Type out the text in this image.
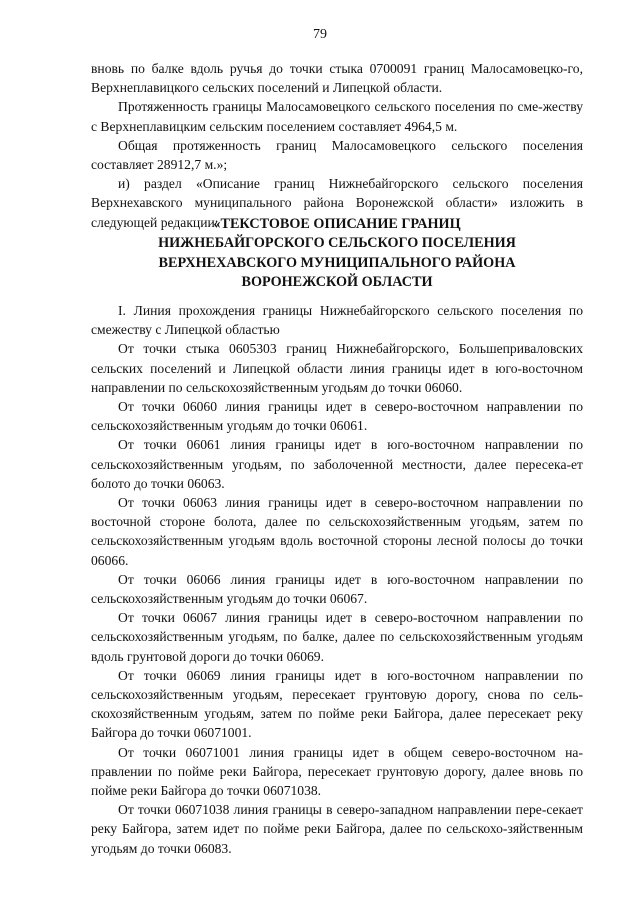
79

вновь по балке вдоль ручья до точки стыка 0700091 границ Малосамовецко-го, Верхнеплавицкого сельских поселений и Липецкой области.

Протяженность границы Малосамовецкого сельского поселения по сме-жеству с Верхнеплавицким сельским поселением составляет 4964,5 м.

Общая протяженность границ Малосамовецкого сельского поселения составляет 28912,7 м.»;

и) раздел «Описание границ Нижнебайгорского сельского поселения Верхнехавского муниципального района Воронежской области» изложить в следующей редакции:

«ТЕКСТОВОЕ ОПИСАНИЕ ГРАНИЦ
НИЖНЕБАЙГОРСКОГО СЕЛЬСКОГО ПОСЕЛЕНИЯ
ВЕРХНЕХАВСКОГО МУНИЦИПАЛЬНОГО РАЙОНА
ВОРОНЕЖСКОЙ ОБЛАСТИ

I. Линия прохождения границы Нижнебайгорского сельского поселения по смежеству с Липецкой областью

От точки стыка 0605303 границ Нижнебайгорского, Большеприваловских сельских поселений и Липецкой области линия границы идет в юго-восточном направлении по сельскохозяйственным угодьям до точки 06060.

От точки 06060 линия границы идет в северо-восточном направлении по сельскохозяйственным угодьям до точки 06061.

От точки 06061 линия границы идет в юго-восточном направлении по сельскохозяйственным угодьям, по заболоченной местности, далее пересека-ет болото до точки 06063.

От точки 06063 линия границы идет в северо-восточном направлении по восточной стороне болота, далее по сельскохозяйственным угодьям, затем по сельскохозяйственным угодьям вдоль восточной стороны лесной полосы до точки 06066.

От точки 06066 линия границы идет в юго-восточном направлении по сельскохозяйственным угодьям до точки 06067.

От точки 06067 линия границы идет в северо-восточном направлении по сельскохозяйственным угодьям, по балке, далее по сельскохозяйственным угодьям вдоль грунтовой дороги до точки 06069.

От точки 06069 линия границы идет в юго-восточном направлении по сельскохозяйственным угодьям, пересекает грунтовую дорогу, снова по сель-скохозяйственным угодьям, затем по пойме реки Байгора, далее пересекает реку Байгора до точки 06071001.

От точки 06071001 линия границы идет в общем северо-восточном на-правлении по пойме реки Байгора, пересекает грунтовую дорогу, далее вновь по пойме реки Байгора до точки 06071038.

От точки 06071038 линия границы в северо-западном направлении пере-секает реку Байгора, затем идет по пойме реки Байгора, далее по сельскохо-зяйственным угодьям до точки 06083.
